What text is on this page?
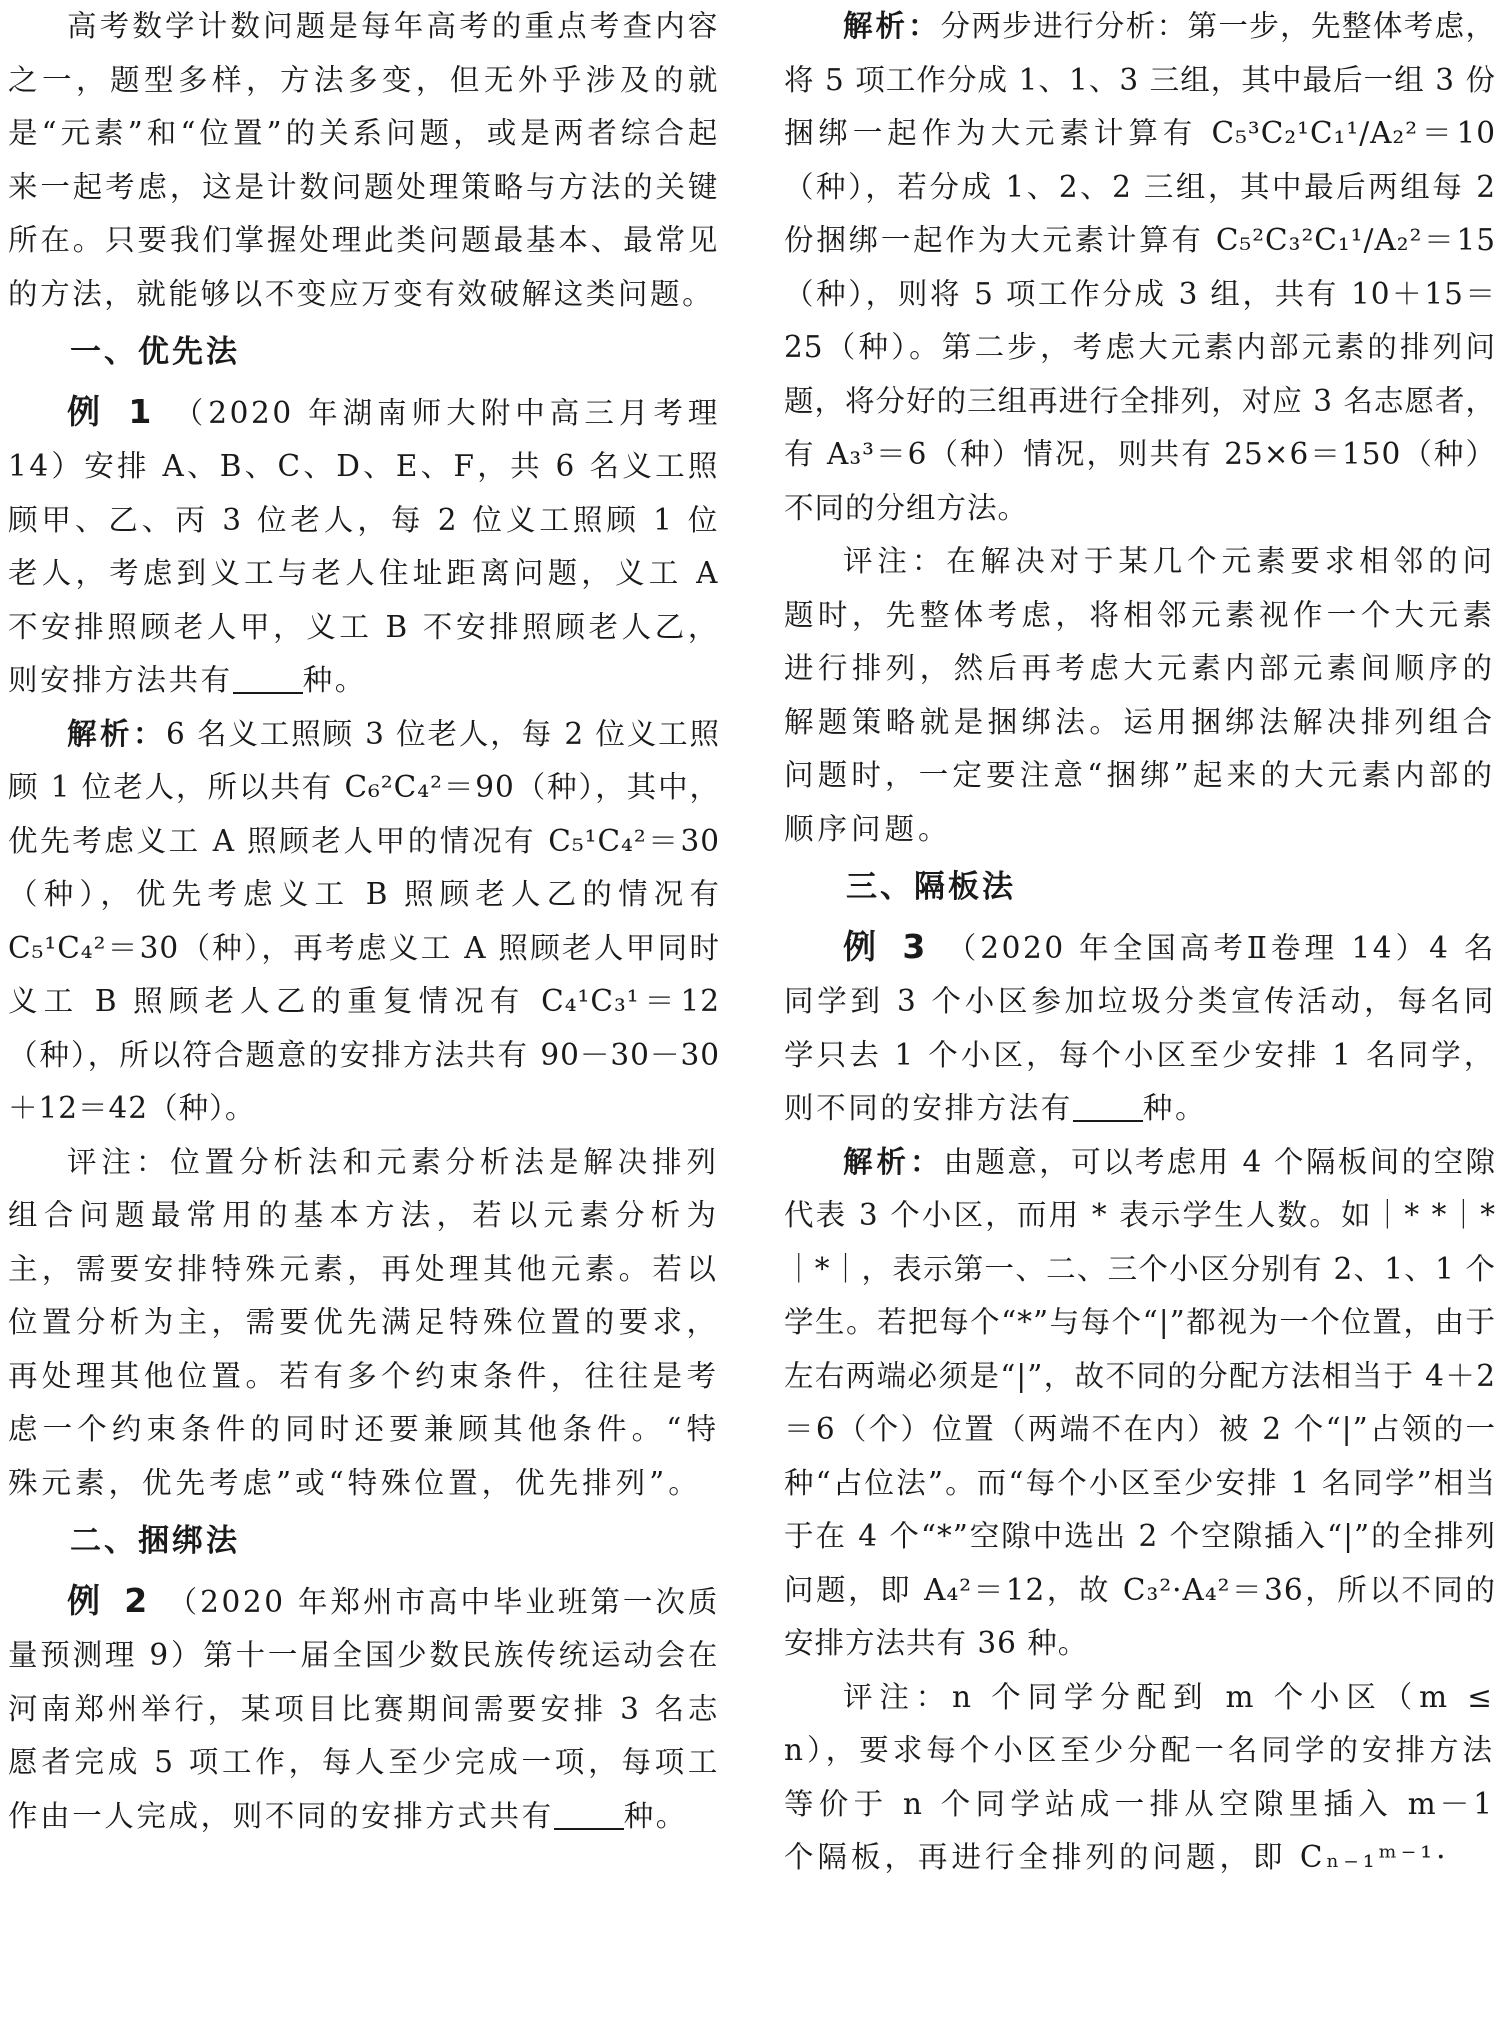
高考数学计数问题是每年高考的重点考查内容之一，题型多样，方法多变，但无外乎涉及的就是“元素”和“位置”的关系问题，或是两者综合起来一起考虑，这是计数问题处理策略与方法的关键所在。只要我们掌握处理此类问题最基本、最常见的方法，就能够以不变应万变有效破解这类问题。

一、优先法

例 1 （2020 年湖南师大附中高三月考理 14）安排 A、B、C、D、E、F，共 6 名义工照顾甲、乙、丙 3 位老人，每 2 位义工照顾 1 位老人，考虑到义工与老人住址距离问题，义工 A 不安排照顾老人甲，义工 B 不安排照顾老人乙，则安排方法共有 种。

解析：6 名义工照顾 3 位老人，每 2 位义工照顾 1 位老人，所以共有 C₆²C₄²＝90（种），其中，优先考虑义工 A 照顾老人甲的情况有 C₅¹C₄²＝30（种），优先考虑义工 B 照顾老人乙的情况有 C₅¹C₄²＝30（种），再考虑义工 A 照顾老人甲同时义工 B 照顾老人乙的重复情况有 C₄¹C₃¹＝12（种），所以符合题意的安排方法共有 90－30－30＋12＝42（种）。

评注：位置分析法和元素分析法是解决排列组合问题最常用的基本方法，若以元素分析为主，需要安排特殊元素，再处理其他元素。若以位置分析为主，需要优先满足特殊位置的要求，再处理其他位置。若有多个约束条件，往往是考虑一个约束条件的同时还要兼顾其他条件。“特殊元素，优先考虑”或“特殊位置，优先排列”。

二、捆绑法

例 2 （2020 年郑州市高中毕业班第一次质量预测理 9）第十一届全国少数民族传统运动会在河南郑州举行，某项目比赛期间需要安排 3 名志愿者完成 5 项工作，每人至少完成一项，每项工作由一人完成，则不同的安排方式共有 种。

解析：分两步进行分析：第一步，先整体考虑，将 5 项工作分成 1、1、3 三组，其中最后一组 3 份捆绑一起作为大元素计算有 C₅³C₂¹C₁¹/A₂²＝10（种），若分成 1、2、2 三组，其中最后两组每 2 份捆绑一起作为大元素计算有 C₅²C₃²C₁¹/A₂²＝15（种），则将 5 项工作分成 3 组，共有 10＋15＝25（种）。第二步，考虑大元素内部元素的排列问题，将分好的三组再进行全排列，对应 3 名志愿者，有 A₃³＝6（种）情况，则共有 25×6＝150（种）不同的分组方法。

评注：在解决对于某几个元素要求相邻的问题时，先整体考虑，将相邻元素视作一个大元素进行排列，然后再考虑大元素内部元素间顺序的解题策略就是捆绑法。运用捆绑法解决排列组合问题时，一定要注意“捆绑”起来的大元素内部的顺序问题。

三、隔板法

例 3 （2020 年全国高考Ⅱ卷理 14）4 名同学到 3 个小区参加垃圾分类宣传活动，每名同学只去 1 个小区，每个小区至少安排 1 名同学，则不同的安排方法有 种。

解析：由题意，可以考虑用 4 个隔板间的空隙代表 3 个小区，而用 * 表示学生人数。如｜* *｜*｜*｜，表示第一、二、三个小区分别有 2、1、1 个学生。若把每个“*”与每个“|”都视为一个位置，由于左右两端必须是“|”，故不同的分配方法相当于 4＋2＝6（个）位置（两端不在内）被 2 个“|”占领的一种“占位法”。而“每个小区至少安排 1 名同学”相当于在 4 个“*”空隙中选出 2 个空隙插入“|”的全排列问题，即 A₄²＝12，故 C₃²·A₄²＝36，所以不同的安排方法共有 36 种。

评注：n 个同学分配到 m 个小区（m ≤ n），要求每个小区至少分配一名同学的安排方法等价于 n 个同学站成一排从空隙里插入 m－1 个隔板，再进行全排列的问题，即 Cₙ₋₁ᵐ⁻¹·
